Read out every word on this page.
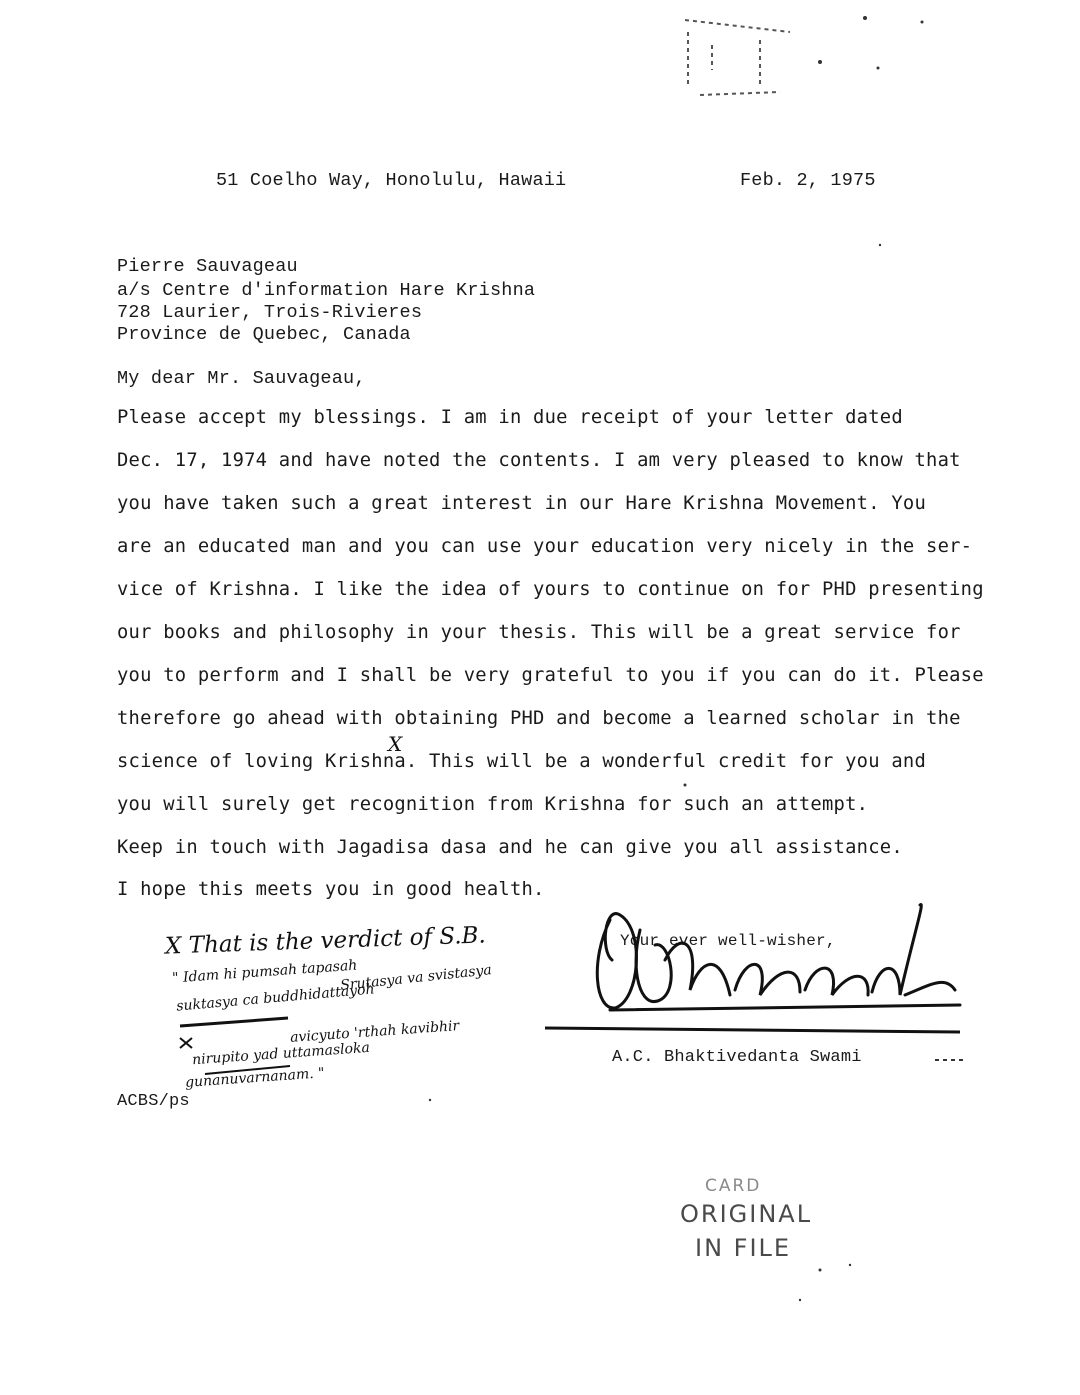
51 Coelho Way, Honolulu, Hawaii	Feb. 2, 1975
Pierre Sauvageau
a/s Centre d'information Hare Krishna
728 Laurier, Trois-Rivieres
Province de Quebec, Canada
My dear Mr. Sauvageau,
Please accept my blessings. I am in due receipt of your letter dated
Dec. 17, 1974 and have noted the contents. I am very pleased to know that
you have taken such a great interest in our Hare Krishna Movement. You
are an educated man and you can use your education very nicely in the ser-
vice of Krishna. I like the idea of yours to continue on for PHD presenting
our books and philosophy in your thesis. This will be a great service for
you to perform and I shall be very grateful to you if you can do it. Please
therefore go ahead with obtaining PHD and become a learned scholar in the
science of loving Krishna. This will be a wonderful credit for you and
you will surely get recognition from Krishna for such an attempt.
Keep in touch with Jagadisa dasa and he can give you all assistance.
I hope this meets you in good health.
X
X That is the verdict of S.B.
" Idam hi pumsah tapasah
Srutasya va svistasya
suktasya ca buddhidattayoh
avicyuto 'rthah kavibhir
nirupito yad uttamasloka
gunanuvarnanam. "
Your ever well-wisher,
A.C. Bhaktivedanta Swami
ACBS/ps
CARD
ORIGINAL
IN FILE
